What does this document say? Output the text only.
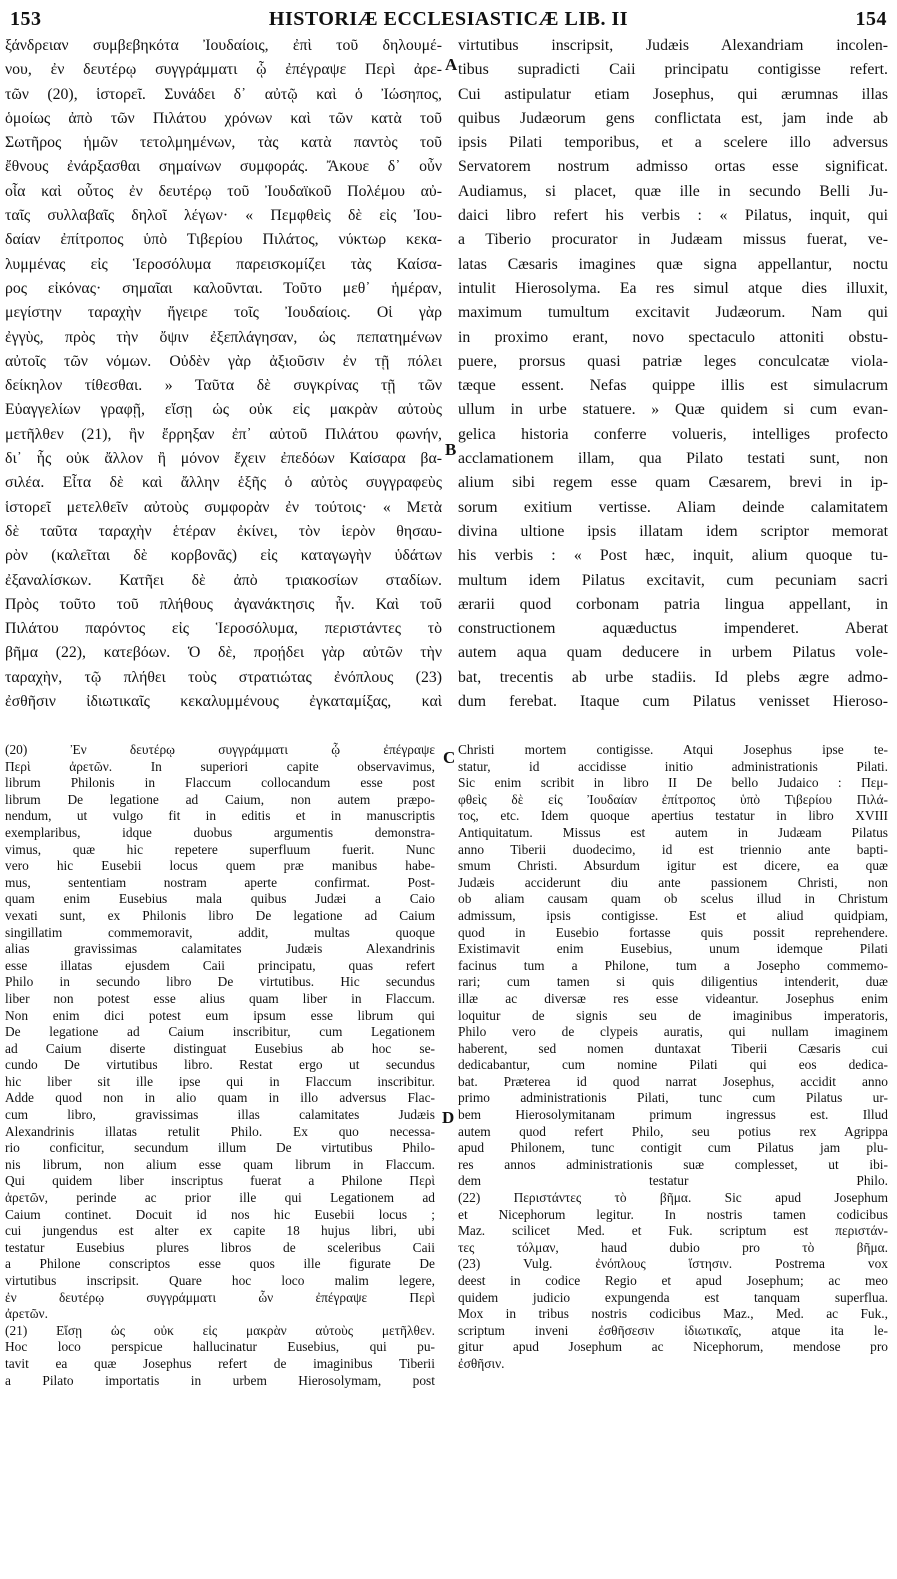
153	HISTORIÆ ECCLESIASTICÆ LIB. II	154
A
B
C
D
ξάνδρειαν συμβεβηκότα Ἰουδαίοις, ἐπὶ τοῦ δηλουμέ-
νου, ἐν δευτέρῳ συγγράμματι ᾧ ἐπέγραψε Περὶ ἀρε-
τῶν (20), ἱστορεῖ. Συνάδει δ᾽ αὐτῷ καὶ ὁ Ἰώσηπος,
ὁμοίως ἀπὸ τῶν Πιλάτου χρόνων καὶ τῶν κατὰ τοῦ
Σωτῆρος ἡμῶν τετολμημένων, τὰς κατὰ παντὸς τοῦ
ἔθνους ἐνάρξασθαι σημαίνων συμφοράς. Ἄκουε δ᾽ οὖν
οἷα καὶ οὗτος ἐν δευτέρῳ τοῦ Ἰουδαϊκοῦ Πολέμου αὐ-
ταῖς συλλαβαῖς δηλοῖ λέγων· « Πεμφθεὶς δὲ εἰς Ἰου-
δαίαν ἐπίτροπος ὑπὸ Τιβερίου Πιλάτος, νύκτωρ κεκα-
λυμμένας εἰς Ἱεροσόλυμα παρεισκομίζει τὰς Καίσα-
ρος εἰκόνας· σημαῖαι καλοῦνται. Τοῦτο μεθ᾽ ἡμέραν,
μεγίστην ταραχὴν ἤγειρε τοῖς Ἰουδαίοις. Οἱ γὰρ
ἐγγὺς, πρὸς τὴν ὄψιν ἐξεπλάγησαν, ὡς πεπατημένων
αὐτοῖς τῶν νόμων. Οὐδὲν γὰρ ἀξιοῦσιν ἐν τῇ πόλει
δείκηλον τίθεσθαι. » Ταῦτα δὲ συγκρίνας τῇ τῶν
Εὐαγγελίων γραφῇ, εἴσῃ ὡς οὐκ εἰς μακρὰν αὐτοὺς
μετῆλθεν (21), ἣν ἔρρηξαν ἐπ᾽ αὐτοῦ Πιλάτου φωνήν,
δι᾽ ἧς οὐκ ἄλλον ἢ μόνον ἔχειν ἐπεδόων Καίσαρα βα-
σιλέα. Εἶτα δὲ καὶ ἄλλην ἑξῆς ὁ αὐτὸς συγγραφεὺς
ἱστορεῖ μετελθεῖν αὐτοὺς συμφορὰν ἐν τούτοις· « Μετὰ
δὲ ταῦτα ταραχὴν ἑτέραν ἐκίνει, τὸν ἱερὸν θησαυ-
ρὸν (καλεῖται δὲ κορβονᾶς) εἰς καταγωγὴν ὑδάτων
ἐξαναλίσκων. Κατῆει δὲ ἀπὸ τριακοσίων σταδίων.
Πρὸς τοῦτο τοῦ πλήθους ἀγανάκτησις ἦν. Καὶ τοῦ
Πιλάτου παρόντος εἰς Ἱεροσόλυμα, περιστάντες τὸ
βῆμα (22), κατεβόων. Ὁ δὲ, προῄδει γὰρ αὐτῶν τὴν
ταραχὴν, τῷ πλήθει τοὺς στρατιώτας ἐνόπλους (23)
ἐσθῆσιν ἰδιωτικαῖς κεκαλυμμένους ἐγκαταμίξας, καὶ
virtutibus inscripsit, Judæis Alexandriam incolen-
tibus supradicti Caii principatu contigisse refert.
Cui astipulatur etiam Josephus, qui ærumnas illas
quibus Judæorum gens conflictata est, jam inde ab
ipsis Pilati temporibus, et a scelere illo adversus
Servatorem nostrum admisso ortas esse significat.
Audiamus, si placet, quæ ille in secundo Belli Ju-
daici libro refert his verbis : « Pilatus, inquit, qui
a Tiberio procurator in Judæam missus fuerat, ve-
latas Cæsaris imagines quæ signa appellantur, noctu
intulit Hierosolyma. Ea res simul atque dies illuxit,
maximum tumultum excitavit Judæorum. Nam qui
in proximo erant, novo spectaculo attoniti obstu-
puere, prorsus quasi patriæ leges conculcatæ viola-
tæque essent. Nefas quippe illis est simulacrum
ullum in urbe statuere. » Quæ quidem si cum evan-
gelica historia conferre volueris, intelliges profecto
acclamationem illam, qua Pilato testati sunt, non
alium sibi regem esse quam Cæsarem, brevi in ip-
sorum exitium vertisse. Aliam deinde calamitatem
divina ultione ipsis illatam idem scriptor memorat
his verbis : « Post hæc, inquit, alium quoque tu-
multum idem Pilatus excitavit, cum pecuniam sacri
ærarii quod corbonam patria lingua appellant, in
constructionem aquæductus impenderet. Aberat
autem aqua quam deducere in urbem Pilatus vole-
bat, trecentis ab urbe stadiis. Id plebs ægre admo-
dum ferebat. Itaque cum Pilatus venisset Hieroso-
(20) Ἐν δευτέρῳ συγγράμματι ᾧ ἐπέγραψε
Περὶ ἀρετῶν. In superiori capite observavimus,
librum Philonis in Flaccum collocandum esse post
librum De legatione ad Caium, non autem præpo-
nendum, ut vulgo fit in editis et in manuscriptis
exemplaribus, idque duobus argumentis demonstra-
vimus, quæ hic repetere superfluum fuerit. Nunc
vero hic Eusebii locus quem præ manibus habe-
mus, sententiam nostram aperte confirmat. Post-
quam enim Eusebius mala quibus Judæi a Caio
vexati sunt, ex Philonis libro De legatione ad Caium
singillatim commemoravit, addit, multas quoque
alias gravissimas calamitates Judæis Alexandrinis
esse illatas ejusdem Caii principatu, quas refert
Philo in secundo libro De virtutibus. Hic secundus
liber non potest esse alius quam liber in Flaccum.
Non enim dici potest eum ipsum esse librum qui
De legatione ad Caium inscribitur, cum Legationem
ad Caium diserte distinguat Eusebius ab hoc se-
cundo De virtutibus libro. Restat ergo ut secundus
hic liber sit ille ipse qui in Flaccum inscribitur.
Adde quod non in alio quam in illo adversus Flac-
cum libro, gravissimas illas calamitates Judæis
Alexandrinis illatas retulit Philo. Ex quo necessa-
rio conficitur, secundum illum De virtutibus Philo-
nis librum, non alium esse quam librum in Flaccum.
Qui quidem liber inscriptus fuerat a Philone Περὶ
ἀρετῶν, perinde ac prior ille qui Legationem ad
Caium continet. Docuit id nos hic Eusebii locus ;
cui jungendus est alter ex capite 18 hujus libri, ubi
testatur Eusebius plures libros de sceleribus Caii
a Philone conscriptos esse quos ille figurate De
virtutibus inscripsit. Quare hoc loco malim legere,
ἐν δευτέρῳ συγγράμματι ὧν ἐπέγραψε Περὶ
ἀρετῶν.
(21) Εἴσῃ ὡς οὐκ εἰς μακρὰν αὐτοὺς μετῆλθεν.
Hoc loco perspicue hallucinatur Eusebius, qui pu-
tavit ea quæ Josephus refert de imaginibus Tiberii
a Pilato importatis in urbem Hierosolymam, post
Christi mortem contigisse. Atqui Josephus ipse te-
statur, id accidisse initio administrationis Pilati.
Sic enim scribit in libro II De bello Judaico : Πεμ-
φθεὶς δὲ εἰς Ἰουδαίαν ἐπίτροπος ὑπὸ Τιβερίου Πιλά-
τος, etc. Idem quoque apertius testatur in libro XVIII
Antiquitatum. Missus est autem in Judæam Pilatus
anno Tiberii duodecimo, id est triennio ante bapti-
smum Christi. Absurdum igitur est dicere, ea quæ
Judæis acciderunt diu ante passionem Christi, non
ob aliam causam quam ob scelus illud in Christum
admissum, ipsis contigisse. Est et aliud quidpiam,
quod in Eusebio fortasse quis possit reprehendere.
Existimavit enim Eusebius, unum idemque Pilati
facinus tum a Philone, tum a Josepho commemo-
rari; cum tamen si quis diligentius intenderit, duæ
illæ ac diversæ res esse videantur. Josephus enim
loquitur de signis seu de imaginibus imperatoris,
Philo vero de clypeis auratis, qui nullam imaginem
haberent, sed nomen duntaxat Tiberii Cæsaris cui
dedicabantur, cum nomine Pilati qui eos dedica-
bat. Præterea id quod narrat Josephus, accidit anno
primo administrationis Pilati, tunc cum Pilatus ur-
bem Hierosolymitanam primum ingressus est. Illud
autem quod refert Philo, seu potius rex Agrippa
apud Philonem, tunc contigit cum Pilatus jam plu-
res annos administrationis suæ complesset, ut ibi-
dem testatur Philo.
(22) Περιστάντες τὸ βῆμα. Sic apud Josephum
et Nicephorum legitur. In nostris tamen codicibus
Maz. scilicet Med. et Fuk. scriptum est περιστάν-
τες τόλμαν, haud dubio pro τὸ βῆμα.
(23) Vulg. ἐνόπλους ἵστησιν. Postrema vox
deest in codice Regio et apud Josephum; ac meo
quidem judicio expungenda est tanquam superflua.
Mox in tribus nostris codicibus Maz., Med. ac Fuk.,
scriptum inveni ἐσθῆσεσιν ἰδιωτικαῖς, atque ita le-
gitur apud Josephum ac Nicephorum, mendose pro
ἐσθῆσιν.
